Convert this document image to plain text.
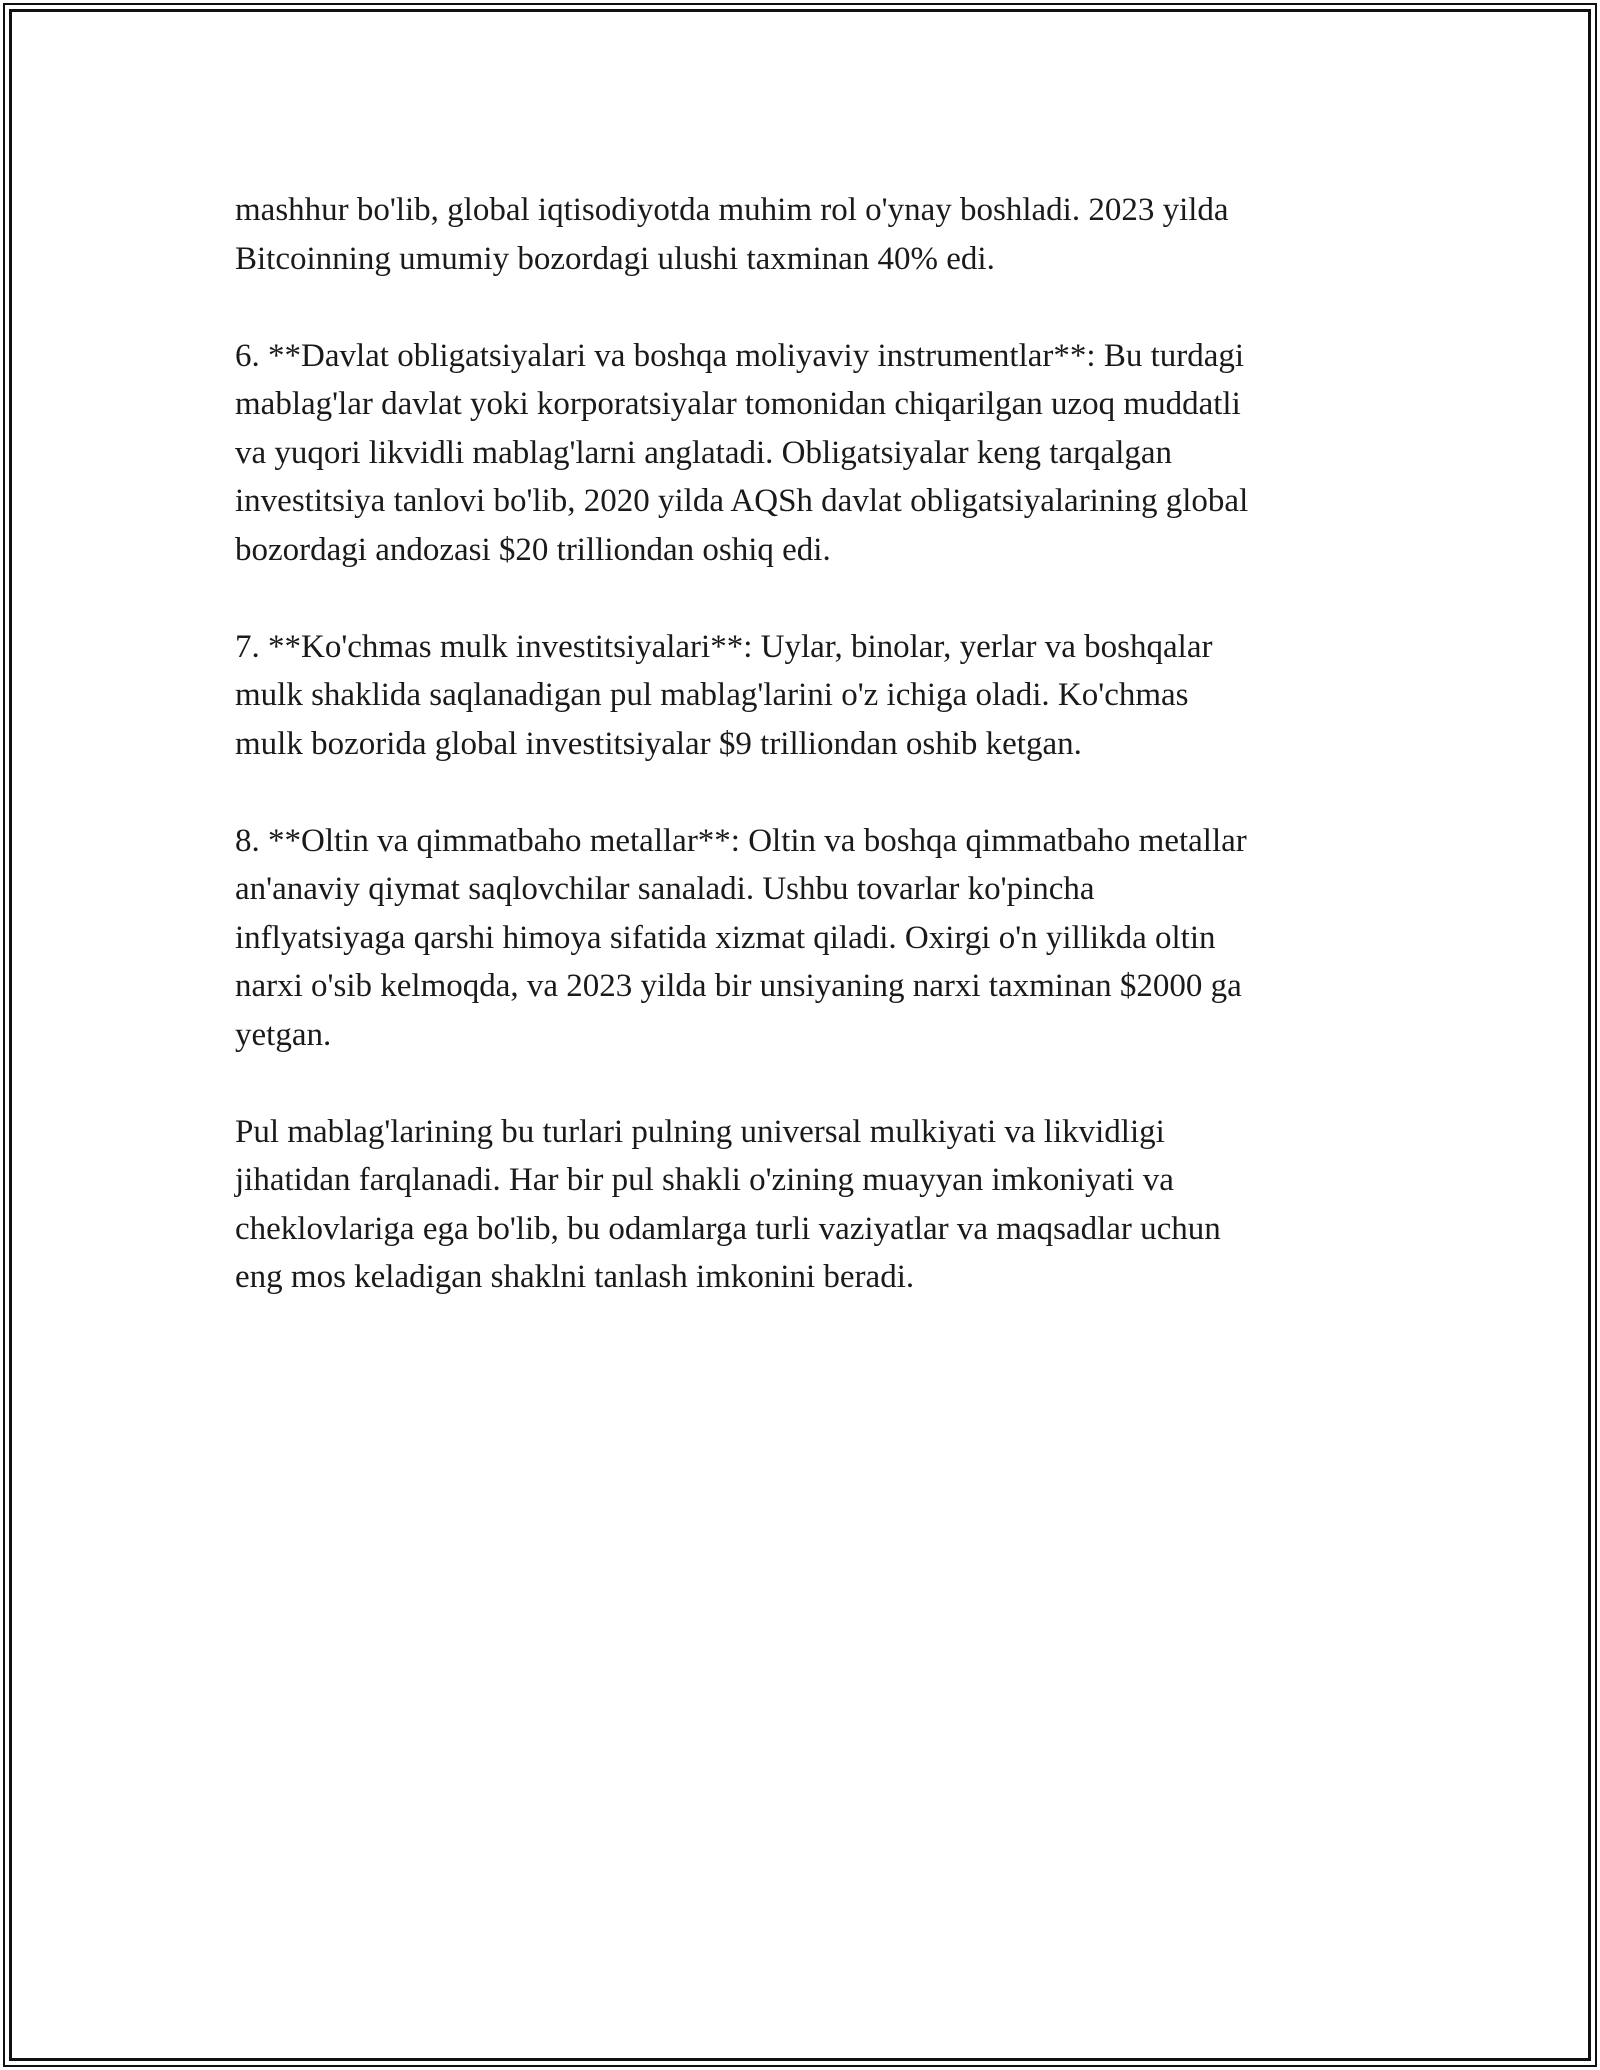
mashhur bo'lib, global iqtisodiyotda muhim rol o'ynay boshladi. 2023 yilda
Bitcoinning umumiy bozordagi ulushi taxminan 40% edi.

6. **Davlat obligatsiyalari va boshqa moliyaviy instrumentlar**: Bu turdagi
mablag'lar davlat yoki korporatsiyalar tomonidan chiqarilgan uzoq muddatli
va yuqori likvidli mablag'larni anglatadi. Obligatsiyalar keng tarqalgan
investitsiya tanlovi bo'lib, 2020 yilda AQSh davlat obligatsiyalarining global
bozordagi andozasi $20 trilliondan oshiq edi.

7. **Ko'chmas mulk investitsiyalari**: Uylar, binolar, yerlar va boshqalar
mulk shaklida saqlanadigan pul mablag'larini o'z ichiga oladi. Ko'chmas
mulk bozorida global investitsiyalar $9 trilliondan oshib ketgan.

8. **Oltin va qimmatbaho metallar**: Oltin va boshqa qimmatbaho metallar
an'anaviy qiymat saqlovchilar sanaladi. Ushbu tovarlar ko'pincha
inflyatsiyaga qarshi himoya sifatida xizmat qiladi. Oxirgi o'n yillikda oltin
narxi o'sib kelmoqda, va 2023 yilda bir unsiyaning narxi taxminan $2000 ga
yetgan.

Pul mablag'larining bu turlari pulning universal mulkiyati va likvidligi
jihatidan farqlanadi. Har bir pul shakli o'zining muayyan imkoniyati va
cheklovlariga ega bo'lib, bu odamlarga turli vaziyatlar va maqsadlar uchun
eng mos keladigan shaklni tanlash imkonini beradi.
